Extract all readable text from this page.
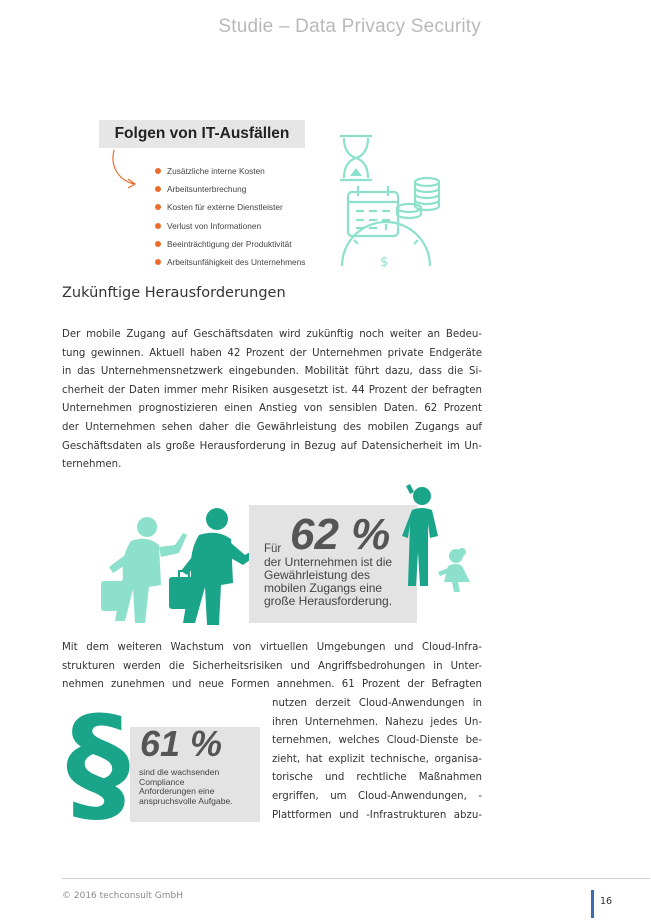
Studie – Data Privacy Security
Folgen von IT-Ausfällen
Zusätzliche interne Kosten
Arbeitsunterbrechung
Kosten für externe Dienstleister
Verlust von Informationen
Beeinträchtigung der Produktivität
Arbeitsunfähigkeit des Unternehmens	$
Zukünftige Herausforderungen
Der mobile Zugang auf Geschäftsdaten wird zukünftig noch weiter an Bedeu-
tung gewinnen. Aktuell haben 42 Prozent der Unternehmen private Endgeräte
in das Unternehmensnetzwerk eingebunden. Mobilität führt dazu, dass die Si-
cherheit der Daten immer mehr Risiken ausgesetzt ist. 44 Prozent der befragten
Unternehmen prognostizieren einen Anstieg von sensiblen Daten. 62 Prozent
der Unternehmen sehen daher die Gewährleistung des mobilen Zugangs auf
Geschäftsdaten als große Herausforderung in Bezug auf Datensicherheit im Un-
ternehmen.
62 %
Für
der Unternehmen ist die
Gewährleistung des
mobilen Zugangs eine
große Herausforderung.
Mit dem weiteren Wachstum von virtuellen Umgebungen und Cloud-Infra-
strukturen werden die Sicherheitsrisiken und Angriffsbedrohungen in Unter-
nehmen zunehmen und neue Formen annehmen. 61 Prozent der Befragten
§ 61 %
sind die wachsenden
Compliance
Anforderungen eine
anspruchsvolle Aufgabe.
nutzen derzeit Cloud-Anwendungen in
ihren Unternehmen. Nahezu jedes Un-
ternehmen, welches Cloud-Dienste be-
zieht, hat explizit technische, organisa-
torische und rechtliche Maßnahmen
ergriffen, um Cloud-Anwendungen, -
Plattformen und -Infrastrukturen abzu-
© 2016 techconsult GmbH	16
